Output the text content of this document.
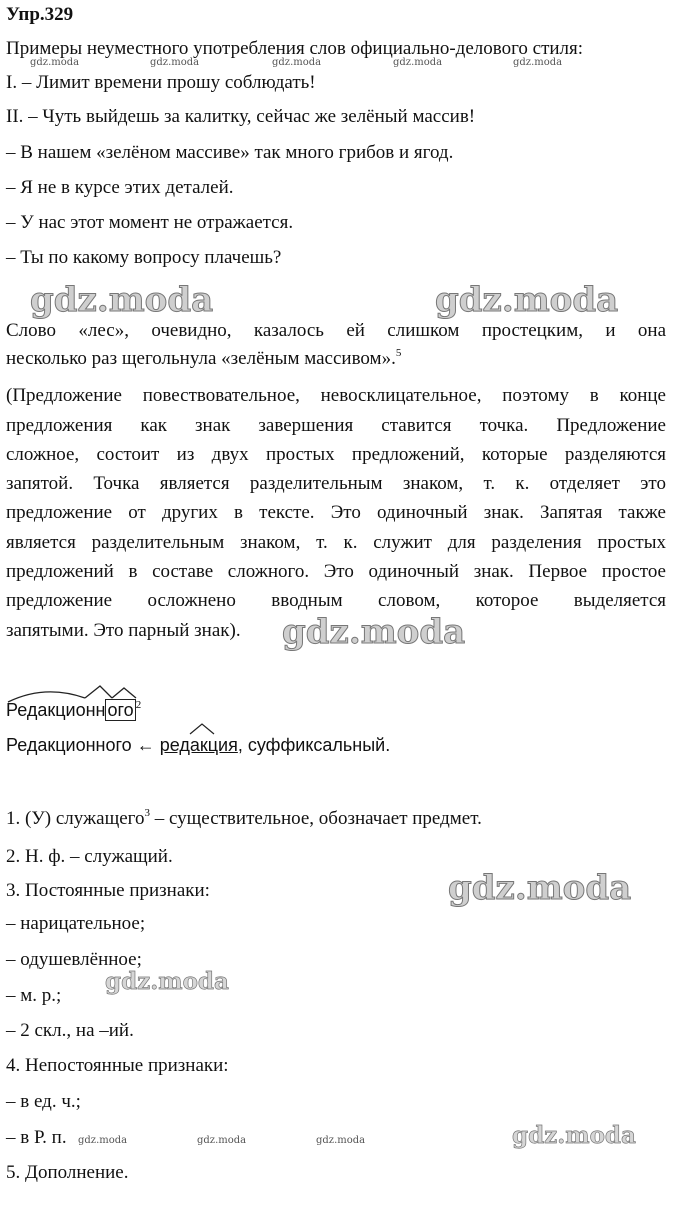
Упр.329
Примеры неуместного употребления слов официально-делового стиля:
gdz.moda	gdz.moda	gdz.moda	gdz.moda	gdz.moda
I. – Лимит времени прошу соблюдать!
II. – Чуть выйдешь за калитку, сейчас же зелёный массив!
– В нашем «зелёном массиве» так много грибов и ягод.
– Я не в курсе этих деталей.
– У нас этот момент не отражается.
– Ты по какому вопросу плачешь?
gdz.moda	gdz.moda
Слово «лес», очевидно, казалось ей слишком простецким, и она
несколько раз щегольнула «зелёным массивом».$^5$
(Предложение повествовательное, невосклицательное, поэтому в конце
предложения как знак завершения ставится точка. Предложение
сложное, состоит из двух простых предложений, которые разделяются
запятой. Точка является разделительным знаком, т. к. отделяет это
предложение от других в тексте. Это одиночный знак. Запятая также
является разделительным знаком, т. к. служит для разделения простых
предложений в составе сложного. Это одиночный знак. Первое простое
предложение осложнено вводным словом, которое выделяется
запятыми. Это парный знак). gdz.moda
Редакционн ого $^2$
Редакционного ← редакция, суффиксальный.
1. (У) служащего$^3$ – существительное, обозначает предмет.
2. Н. ф. – служащий.
3. Постоянные признаки:	gdz.moda
– нарицательное;
– одушевлённое;
– м. р.;
gdz.moda
– 2 скл., на –ий.
4. Непостоянные признаки:
– в ед. ч.;
– в Р. п. gdz.moda	gdz.moda	gdz.moda	gdz.moda
5. Дополнение.
